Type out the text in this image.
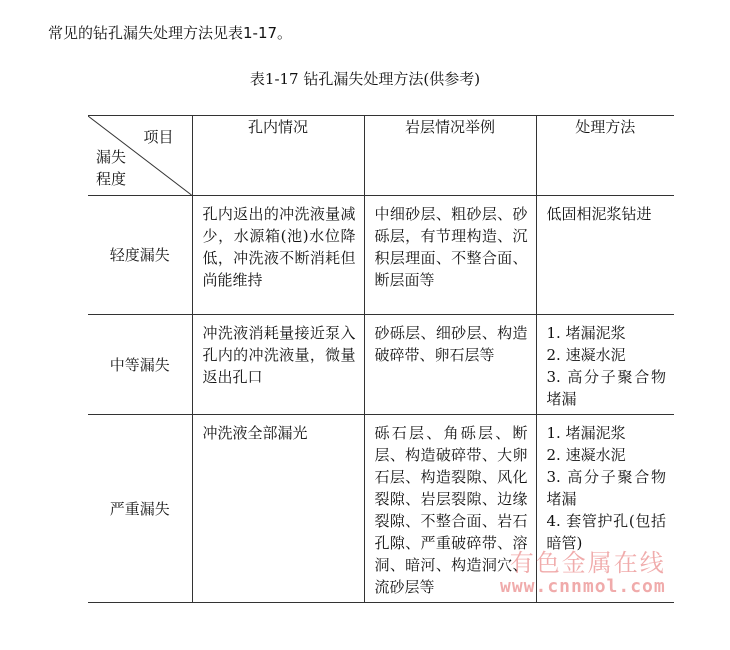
常见的钻孔漏失处理方法见表1-17。
表1-17 钻孔漏失处理方法(供参考)
项目
漏失
程度	孔内情况	岩层情况举例	处理方法
轻度漏失	孔内返出的冲洗液量减少，水源箱(池)水位降低，冲洗液不断消耗但尚能维持	中细砂层、粗砂层、砂砾层，有节理构造、沉积层理面、不整合面、断层面等	低固相泥浆钻进

中等漏失	冲洗液消耗量接近泵入孔内的冲洗液量，微量返出孔口	砂砾层、细砂层、构造破碎带、卵石层等	1. 堵漏泥浆
2. 速凝水泥
3. 高分子聚合物堵漏

严重漏失	冲洗液全部漏光	砾石层、角砾层、断层、构造破碎带、大卵石层、构造裂隙、风化裂隙、岩层裂隙、边缘裂隙、不整合面、岩石孔隙、严重破碎带、溶洞、暗河、构造洞穴、流砂层等	1. 堵漏泥浆
2. 速凝水泥
3. 高分子聚合物堵漏
4. 套管护孔(包括暗管)
有色金属在线
www.cnnmol.com
